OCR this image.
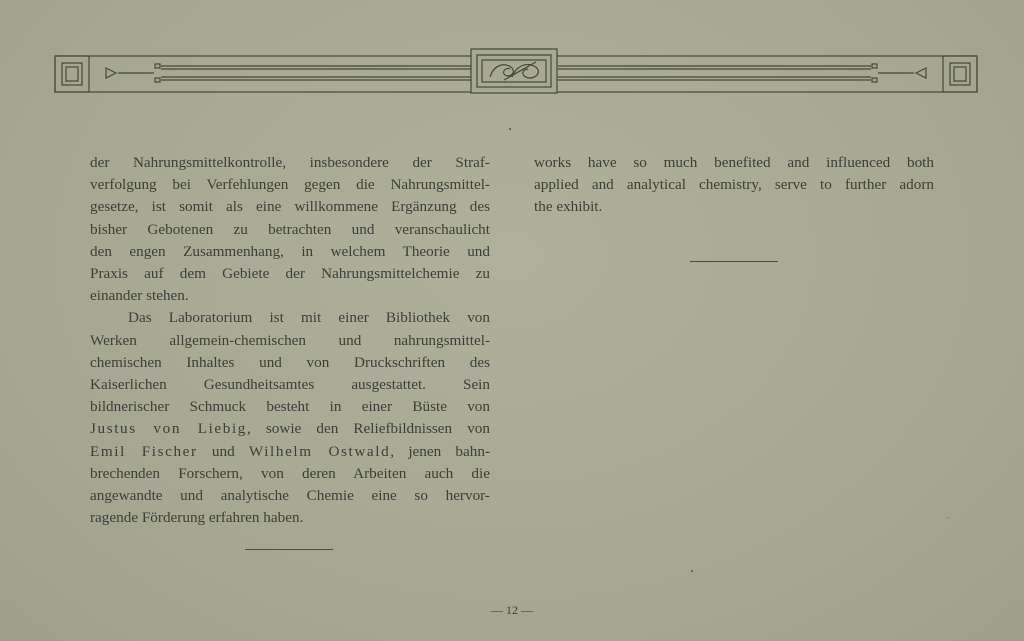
der Nahrungsmittelkontrolle, insbesondere der Straf-
verfolgung bei Verfehlungen gegen die Nahrungsmittel-
gesetze, ist somit als eine willkommene Ergänzung des
bisher Gebotenen zu betrachten und veranschaulicht
den engen Zusammenhang, in welchem Theorie und
Praxis auf dem Gebiete der Nahrungsmittelchemie zu
einander stehen.
Das Laboratorium ist mit einer Bibliothek von
Werken allgemein-chemischen und nahrungsmittel-
chemischen Inhaltes und von Druckschriften des
Kaiserlichen Gesundheitsamtes ausgestattet. Sein
bildnerischer Schmuck besteht in einer Büste von
Justus von Liebig, sowie den Reliefbildnissen von
Emil Fischer und Wilhelm Ostwald, jenen bahn-
brechenden Forschern, von deren Arbeiten auch die
angewandte und analytische Chemie eine so hervor-
ragende Förderung erfahren haben.
works have so much benefited and influenced both
applied and analytical chemistry, serve to further adorn
the exhibit.
— 12 —
